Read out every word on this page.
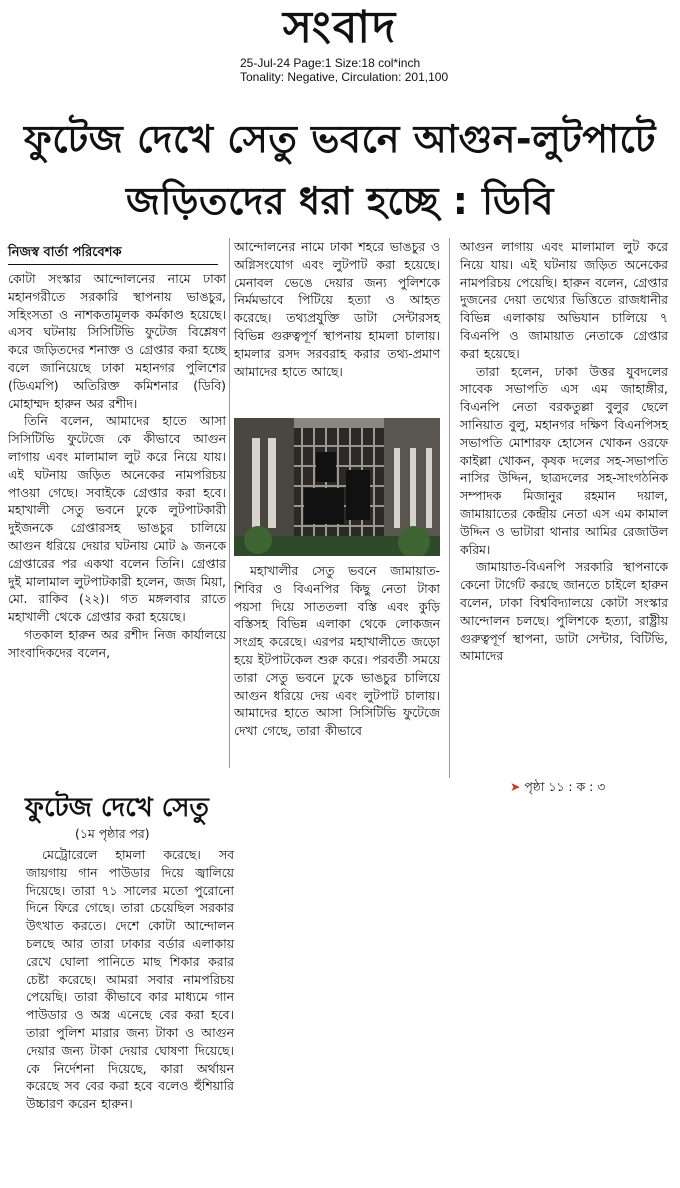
সংবাদ
25-Jul-24 Page:1 Size:18 col*inch
Tonality: Negative, Circulation: 201,100
ফুটেজ দেখে সেতু ভবনে আগুন-লুটপাটে
জড়িতদের ধরা হচ্ছে : ডিবি
নিজস্ব বার্তা পরিবেশক

কোটা সংস্কার আন্দোলনের নামে ঢাকা মহানগরীতে সরকারি স্থাপনায় ভাঙচুর, সহিংসতা ও নাশকতামূলক কর্মকাণ্ড হয়েছে। এসব ঘটনায় সিসিটিভি ফুটেজ বিশ্লেষণ করে জড়িতদের শনাক্ত ও গ্রেপ্তার করা হচ্ছে বলে জানিয়েছে ঢাকা মহানগর পুলিশের (ডিএমপি) অতিরিক্ত কমিশনার (ডিবি) মোহাম্মদ হারুন অর রশীদ।

তিনি বলেন, আমাদের হাতে আসা সিসিটিভি ফুটেজে কে কীভাবে আগুন লাগায় এবং মালামাল লুট করে নিয়ে যায়। এই ঘটনায় জড়িত অনেকের নামপরিচয় পাওয়া গেছে। সবাইকে গ্রেপ্তার করা হবে। মহাখালী সেতু ভবনে ঢুকে লুটপাটকারী দুইজনকে গ্রেপ্তারসহ ভাঙচুর চালিয়ে আগুন ধরিয়ে দেয়ার ঘটনায় মোট ৯ জনকে গ্রেপ্তারের পর একথা বলেন তিনি। গ্রেপ্তার দুই মালামাল লুটপাটকারী হলেন, জজ মিয়া, মো. রাকিব (২২)। গত মঙ্গলবার রাতে মহাখালী থেকে গ্রেপ্তার করা হয়েছে।

গতকাল হারুন অর রশীদ নিজ কার্যালয়ে সাংবাদিকদের বলেন,

আন্দোলনের নামে ঢাকা শহরে ভাঙচুর ও অগ্নিসংযোগ এবং লুটপাট করা হয়েছে। মেনাবল ভেঙে দেয়ার জন্য পুলিশকে নির্মমভাবে পিটিয়ে হত্যা ও আহত করেছে। তথ্যপ্রযুক্তি ডাটা সেন্টারসহ বিভিন্ন গুরুত্বপূর্ণ স্থাপনায় হামলা চালায়। হামলার রসদ সরবরাহ করার তথ্য-প্রমাণ আমাদের হাতে আছে।

মহাখালীর সেতু ভবনে জামায়াত-শিবির ও বিএনপির কিছু নেতা টাকা পয়সা দিয়ে সাততলা বস্তি এবং কুড়ি বস্তিসহ বিভিন্ন এলাকা থেকে লোকজন সংগ্রহ করেছে। এরপর মহাখালীতে জড়ো হয়ে ইটপাটকেল শুরু করে। পরবর্তী সময়ে তারা সেতু ভবনে ঢুকে ভাঙচুর চালিয়ে আগুন ধরিয়ে দেয় এবং লুটপাট চালায়। আমাদের হাতে আসা সিসিটিভি ফুটেজে দেখা গেছে, তারা কীভাবে

আগুন লাগায় এবং মালামাল লুট করে নিয়ে যায়। এই ঘটনায় জড়িত অনেকের নামপরিচয় পেয়েছি। হারুন বলেন, গ্রেপ্তার দুজনের দেয়া তথ্যের ভিত্তিতে রাজধানীর বিভিন্ন এলাকায় অভিযান চালিয়ে ৭ বিএনপি ও জামায়াত নেতাকে গ্রেপ্তার করা হয়েছে।

তারা হলেন, ঢাকা উত্তর যুবদলের সাবেক সভাপতি এস এম জাহাঙ্গীর, বিএনপি নেতা বরকতুল্লা বুলুর ছেলে সানিয়াত বুলু, মহানগর দক্ষিণ বিএনপিসহ সভাপতি মোশারফ হোসেন খোকন ওরফে কাইল্লা খোকন, কৃষক দলের সহ-সভাপতি নাসির উদ্দিন, ছাত্রদলের সহ-সাংগঠনিক সম্পাদক মিজানুর রহমান দয়াল, জামায়াতের কেন্দ্রীয় নেতা এস এম কামাল উদ্দিন ও ভাটারা থানার আমির রেজাউল করিম।

জামায়াত-বিএনপি সরকারি স্থাপনাকে কেনো টার্গেট করছে জানতে চাইলে হারুন বলেন, ঢাকা বিশ্ববিদ্যালয়ে কোটা সংস্কার আন্দোলন চলছে। পুলিশকে হত্যা, রাষ্ট্রীয় গুরুত্বপূর্ণ স্থাপনা, ডাটা সেন্টার, বিটিভি, আমাদের

➤ পৃষ্ঠা ১১ : ক : ৩
ফুটেজ দেখে সেতু
(১ম পৃষ্ঠার পর)

মেট্রোরেলে হামলা করেছে। সব জায়গায় গান পাউডার দিয়ে জ্বালিয়ে দিয়েছে। তারা ৭১ সালের মতো পুরোনো দিনে ফিরে গেছে। তারা চেয়েছিল সরকার উৎখাত করতে। দেশে কোটা আন্দোলন চলছে আর তারা ঢাকার বর্ডার এলাকায় রেখে ঘোলা পানিতে মাছ শিকার করার চেষ্টা করেছে। আমরা সবার নামপরিচয় পেয়েছি। তারা কীভাবে কার মাধ্যমে গান পাউডার ও অস্ত্র এনেছে বের করা হবে। তারা পুলিশ মারার জন্য টাকা ও আগুন দেয়ার জন্য টাকা দেয়ার ঘোষণা দিয়েছে। কে নির্দেশনা দিয়েছে, কারা অর্থায়ন করেছে সব বের করা হবে বলেও হুঁশিয়ারি উচ্চারণ করেন হারুন।
